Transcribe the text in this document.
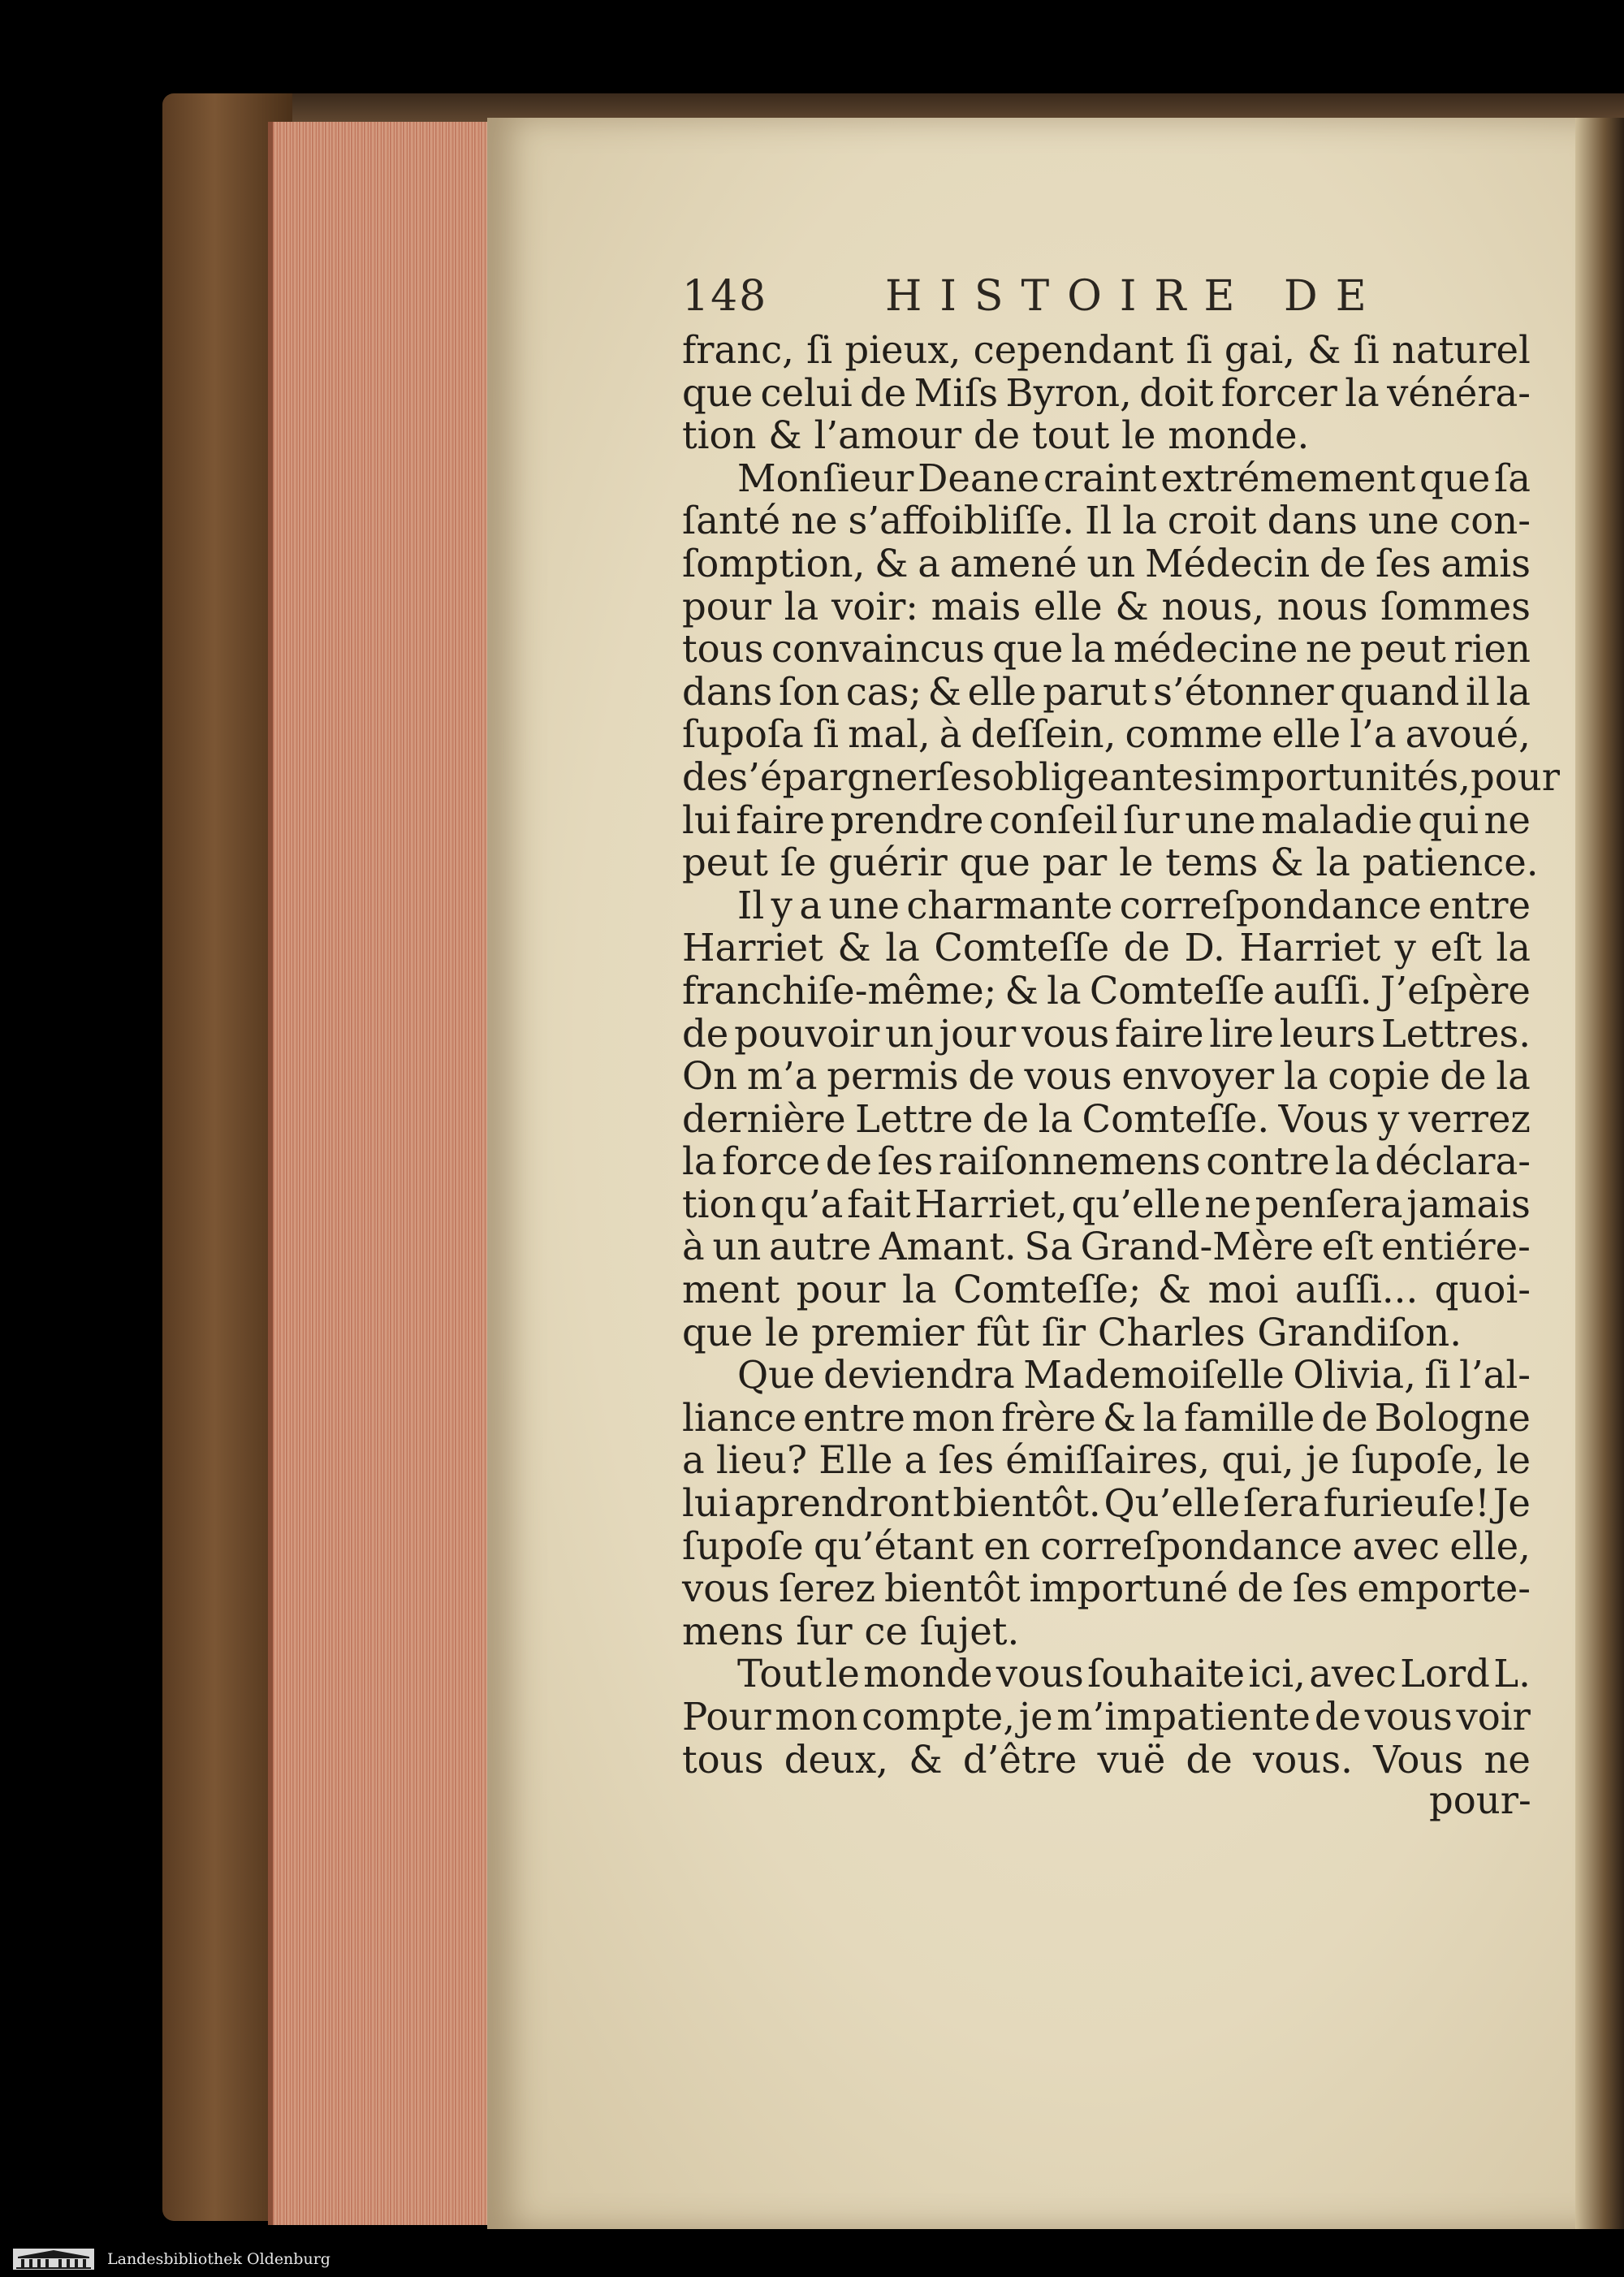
148	HISTOIRE DE
franc, ſi pieux, cependant ſi gai, & ſi naturel
que celui de Miſs Byron, doit forcer la vénéra-
tion & l’amour de tout le monde.
Monſieur Deane craint extrémement que ſa
ſanté ne s’affoibliſſe. Il la croit dans une con-
ſomption, & a amené un Médecin de ſes amis
pour la voir: mais elle & nous, nous ſommes
tous convaincus que la médecine ne peut rien
dans ſon cas; & elle parut s’étonner quand il la
ſupoſa ſi mal, à deſſein, comme elle l’a avoué,
de s’épargner ſes obligeantes importunités, pour
lui faire prendre conſeil ſur une maladie qui ne
peut ſe guérir que par le tems & la patience.
Il y a une charmante correſpondance entre
Harriet & la Comteſſe de D. Harriet y eſt la
franchiſe-même; & la Comteſſe auſſi. J’eſpère
de pouvoir un jour vous faire lire leurs Lettres.
On m’a permis de vous envoyer la copie de la
dernière Lettre de la Comteſſe. Vous y verrez
la force de ſes raiſonnemens contre la déclara-
tion qu’a fait Harriet, qu’elle ne penſera jamais
à un autre Amant. Sa Grand-Mère eſt entiére-
ment pour la Comteſſe; & moi auſſi... quoi-
que le premier fût ſir Charles Grandiſon.
Que deviendra Mademoiſelle Olivia, ſi l’al-
liance entre mon frère & la famille de Bologne
a lieu? Elle a ſes émiſſaires, qui, je ſupoſe, le
lui aprendront bientôt. Qu’elle ſera furieuſe! Je
ſupoſe qu’étant en correſpondance avec elle,
vous ſerez bientôt importuné de ſes emporte-
mens ſur ce ſujet.
Tout le monde vous ſouhaite ici, avec Lord L.
Pour mon compte, je m’impatiente de vous voir
tous deux, & d’être vuë de vous. Vous ne
pour-
Landesbibliothek Oldenburg
